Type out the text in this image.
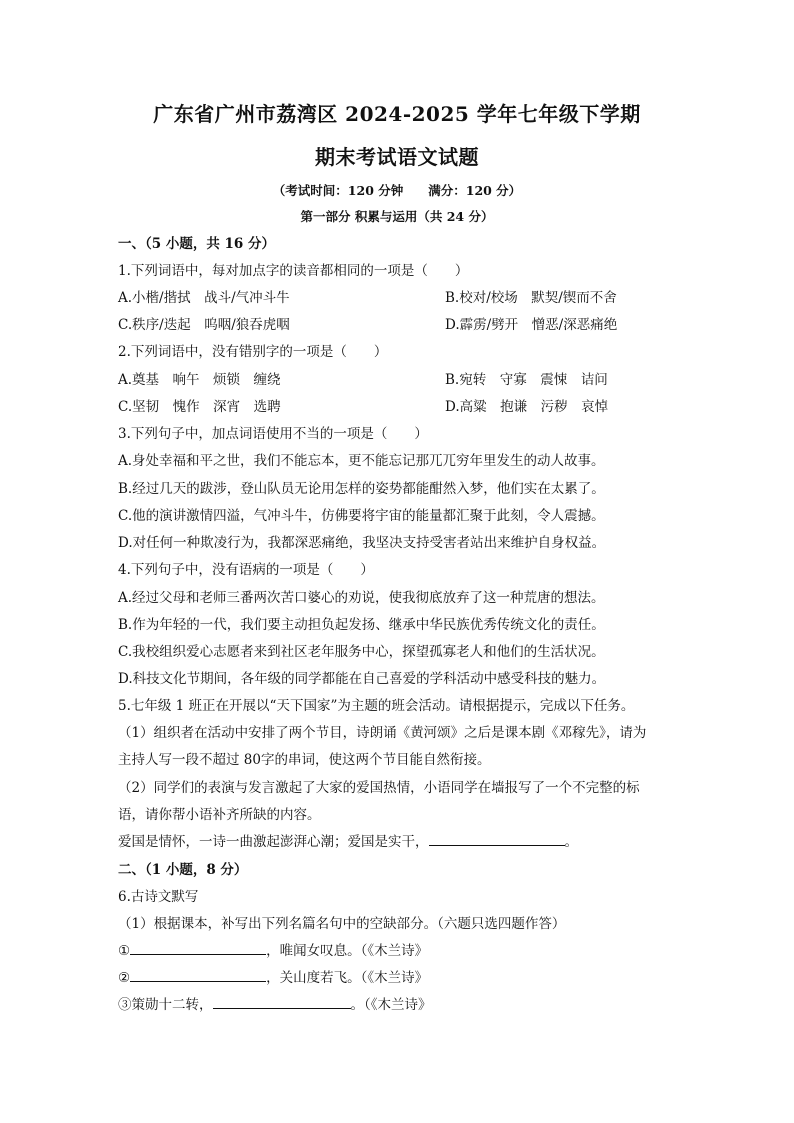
广东省广州市荔湾区 2024-2025 学年七年级下学期
期末考试语文试题
（考试时间：120 分钟　　满分：120 分）
第一部分 积累与运用（共 24 分）
一、（5 小题，共 16 分）
1.下列词语中，每对加点字的读音都相同的一项是（　　）
A.小楷/揩拭　战斗/气冲斗牛	B.校对/校场　默契/锲而不舍
C.秩序/迭起　呜咽/狼吞虎咽	D.霹雳/劈开　憎恶/深恶痛绝
2.下列词语中，没有错别字的一项是（　　）
A.奠基　响午　烦锁　缠绕	B.宛转　守寡　震悚　诘问
C.坚韧　愧作　深宵　选聘	D.高粱　抱谦　污秽　哀悼
3.下列句子中，加点词语使用不当的一项是（　　）
A.身处幸福和平之世，我们不能忘本，更不能忘记那兀兀穷年里发生的动人故事。
B.经过几天的跋涉，登山队员无论用怎样的姿势都能酣然入梦，他们实在太累了。
C.他的演讲激情四溢，气冲斗牛，仿佛要将宇宙的能量都汇聚于此刻，令人震撼。
D.对任何一种欺凌行为，我都深恶痛绝，我坚决支持受害者站出来维护自身权益。
4.下列句子中，没有语病的一项是（　　）
A.经过父母和老师三番两次苦口婆心的劝说，使我彻底放弃了这一种荒唐的想法。
B.作为年轻的一代，我们要主动担负起发扬、继承中华民族优秀传统文化的责任。
C.我校组织爱心志愿者来到社区老年服务中心，探望孤寡老人和他们的生活状况。
D.科技文化节期间，各年级的同学都能在自己喜爱的学科活动中感受科技的魅力。
5.七年级 1 班正在开展以“天下国家”为主题的班会活动。请根据提示，完成以下任务。
（1）组织者在活动中安排了两个节目，诗朗诵《黄河颂》之后是课本剧《邓稼先》，请为
主持人写一段不超过 80字的串词，使这两个节目能自然衔接。
（2）同学们的表演与发言激起了大家的爱国热情，小语同学在墙报写了一个不完整的标
语，请你帮小语补齐所缺的内容。
爱国是情怀，一诗一曲激起澎湃心潮；爱国是实干，	。
二、（1 小题，8 分）
6.古诗文默写
（1）根据课本，补写出下列名篇名句中的空缺部分。（六题只选四题作答）
①	，唯闻女叹息。（《木兰诗》
②	，关山度若飞。（《木兰诗》
③策勋十二转，	。（《木兰诗》
